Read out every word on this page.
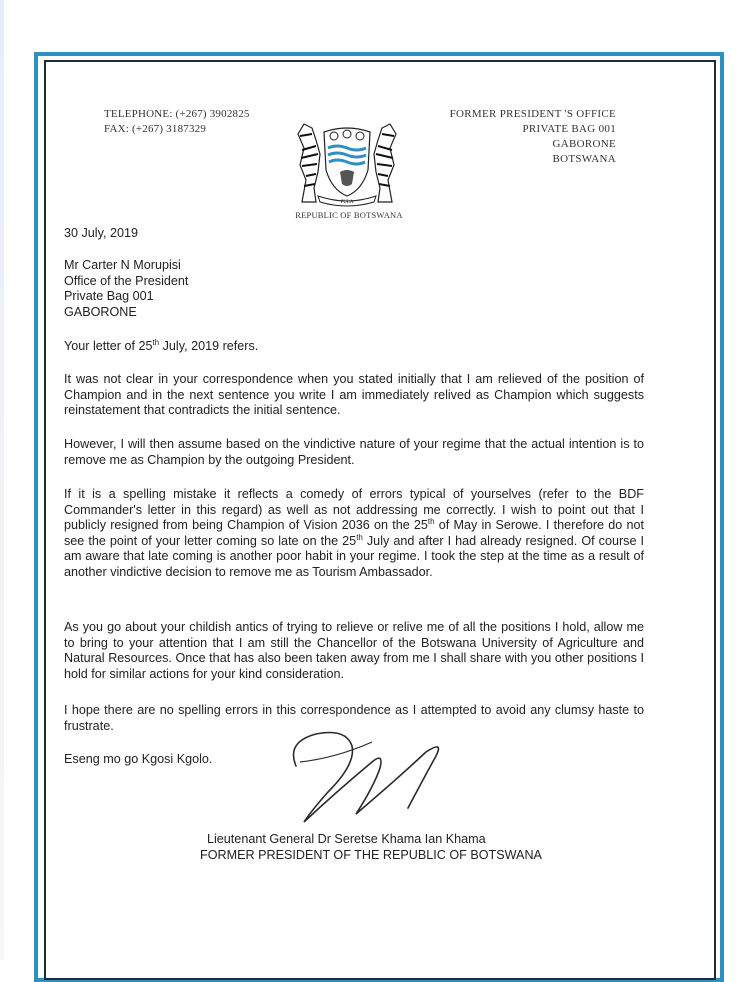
TELEPHONE: (+267) 3902825
FAX: (+267) 3187329
FORMER PRESIDENT 'S OFFICE
PRIVATE BAG 001
GABORONE
BOTSWANA
PULA
REPUBLIC OF BOTSWANA
30 July, 2019
Mr Carter N Morupisi
Office of the President
Private Bag 001
GABORONE
Your letter of 25th July, 2019 refers.
It was not clear in your correspondence when you stated initially that I am relieved of the position of Champion and in the next sentence you write I am immediately relived as Champion which suggests reinstatement that contradicts the initial sentence.
However, I will then assume based on the vindictive nature of your regime that the actual intention is to remove me as Champion by the outgoing President.
If it is a spelling mistake it reflects a comedy of errors typical of yourselves (refer to the BDF Commander's letter in this regard) as well as not addressing me correctly. I wish to point out that I publicly resigned from being Champion of Vision 2036 on the 25th of May in Serowe. I therefore do not see the point of your letter coming so late on the 25th July and after I had already resigned. Of course I am aware that late coming is another poor habit in your regime. I took the step at the time as a result of another vindictive decision to remove me as Tourism Ambassador.
As you go about your childish antics of trying to relieve or relive me of all the positions I hold, allow me to bring to your attention that I am still the Chancellor of the Botswana University of Agriculture and Natural Resources. Once that has also been taken away from me I shall share with you other positions I hold for similar actions for your kind consideration.
I hope there are no spelling errors in this correspondence as I attempted to avoid any clumsy haste to frustrate.
Eseng mo go Kgosi Kgolo.
Lieutenant General Dr Seretse Khama Ian Khama
FORMER PRESIDENT OF THE REPUBLIC OF BOTSWANA
